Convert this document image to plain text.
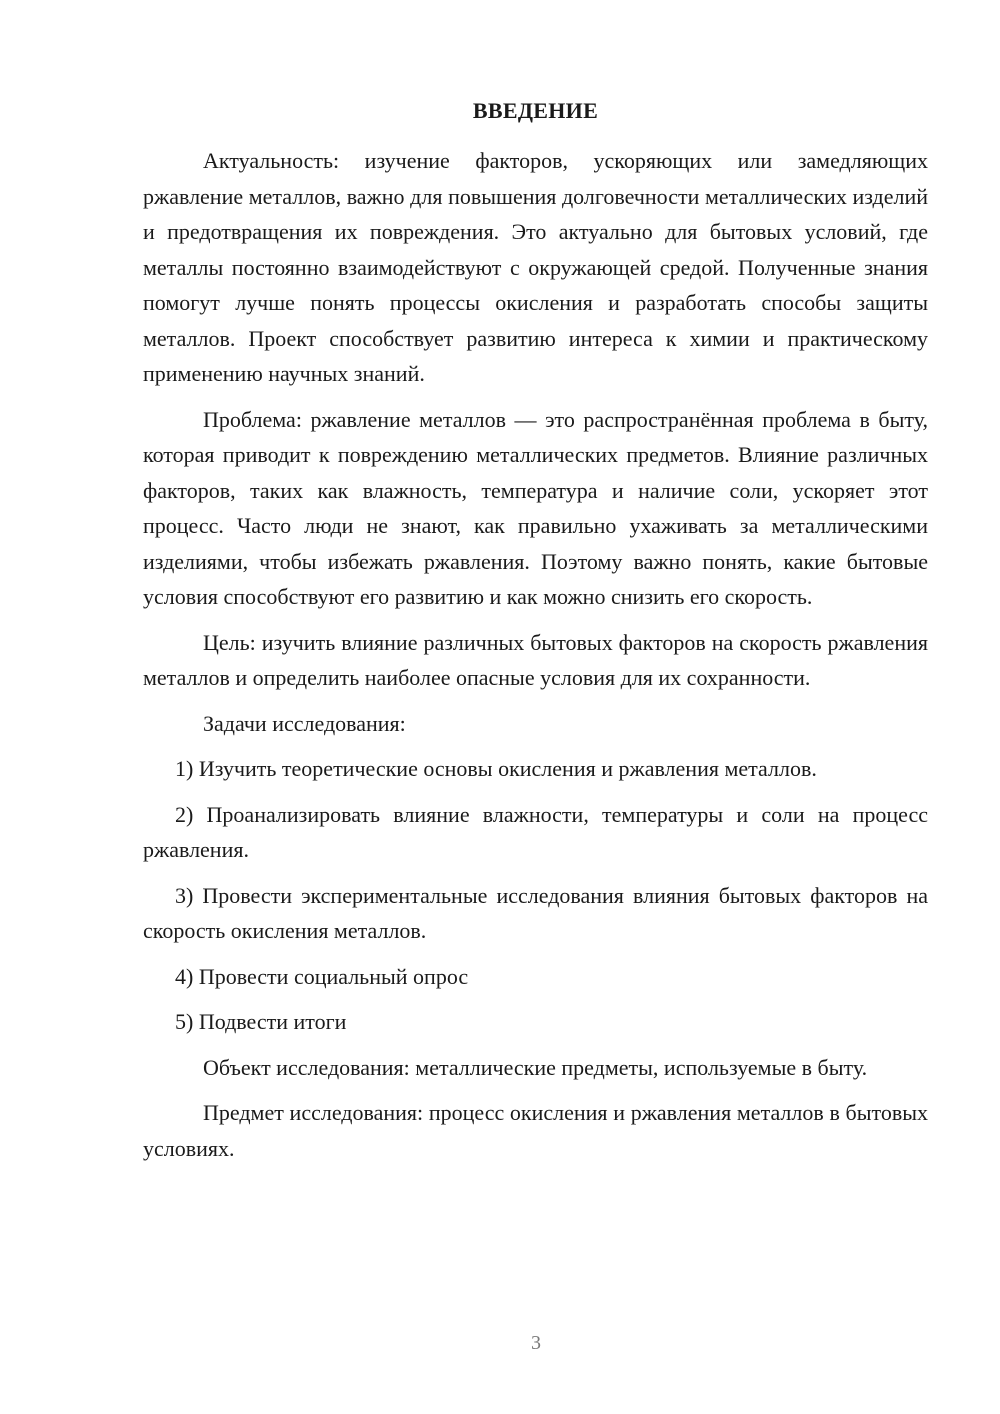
ВВЕДЕНИЕ

Актуальность: изучение факторов, ускоряющих или замедляющих ржавление металлов, важно для повышения долговечности металлических изделий и предотвращения их повреждения. Это актуально для бытовых условий, где металлы постоянно взаимодействуют с окружающей средой. Полученные знания помогут лучше понять процессы окисления и разработать способы защиты металлов. Проект способствует развитию интереса к химии и практическому применению научных знаний.

Проблема: ржавление металлов — это распространённая проблема в быту, которая приводит к повреждению металлических предметов. Влияние различных факторов, таких как влажность, температура и наличие соли, ускоряет этот процесс. Часто люди не знают, как правильно ухаживать за металлическими изделиями, чтобы избежать ржавления. Поэтому важно понять, какие бытовые условия способствуют его развитию и как можно снизить его скорость.

Цель: изучить влияние различных бытовых факторов на скорость ржавления металлов и определить наиболее опасные условия для их сохранности.

Задачи исследования:

1) Изучить теоретические основы окисления и ржавления металлов.

2) Проанализировать влияние влажности, температуры и соли на процесс ржавления.

3) Провести экспериментальные исследования влияния бытовых факторов на скорость окисления металлов.

4) Провести социальный опрос

5) Подвести итоги

Объект исследования: металлические предметы, используемые в быту.

Предмет исследования: процесс окисления и ржавления металлов в бытовых условиях.

3
